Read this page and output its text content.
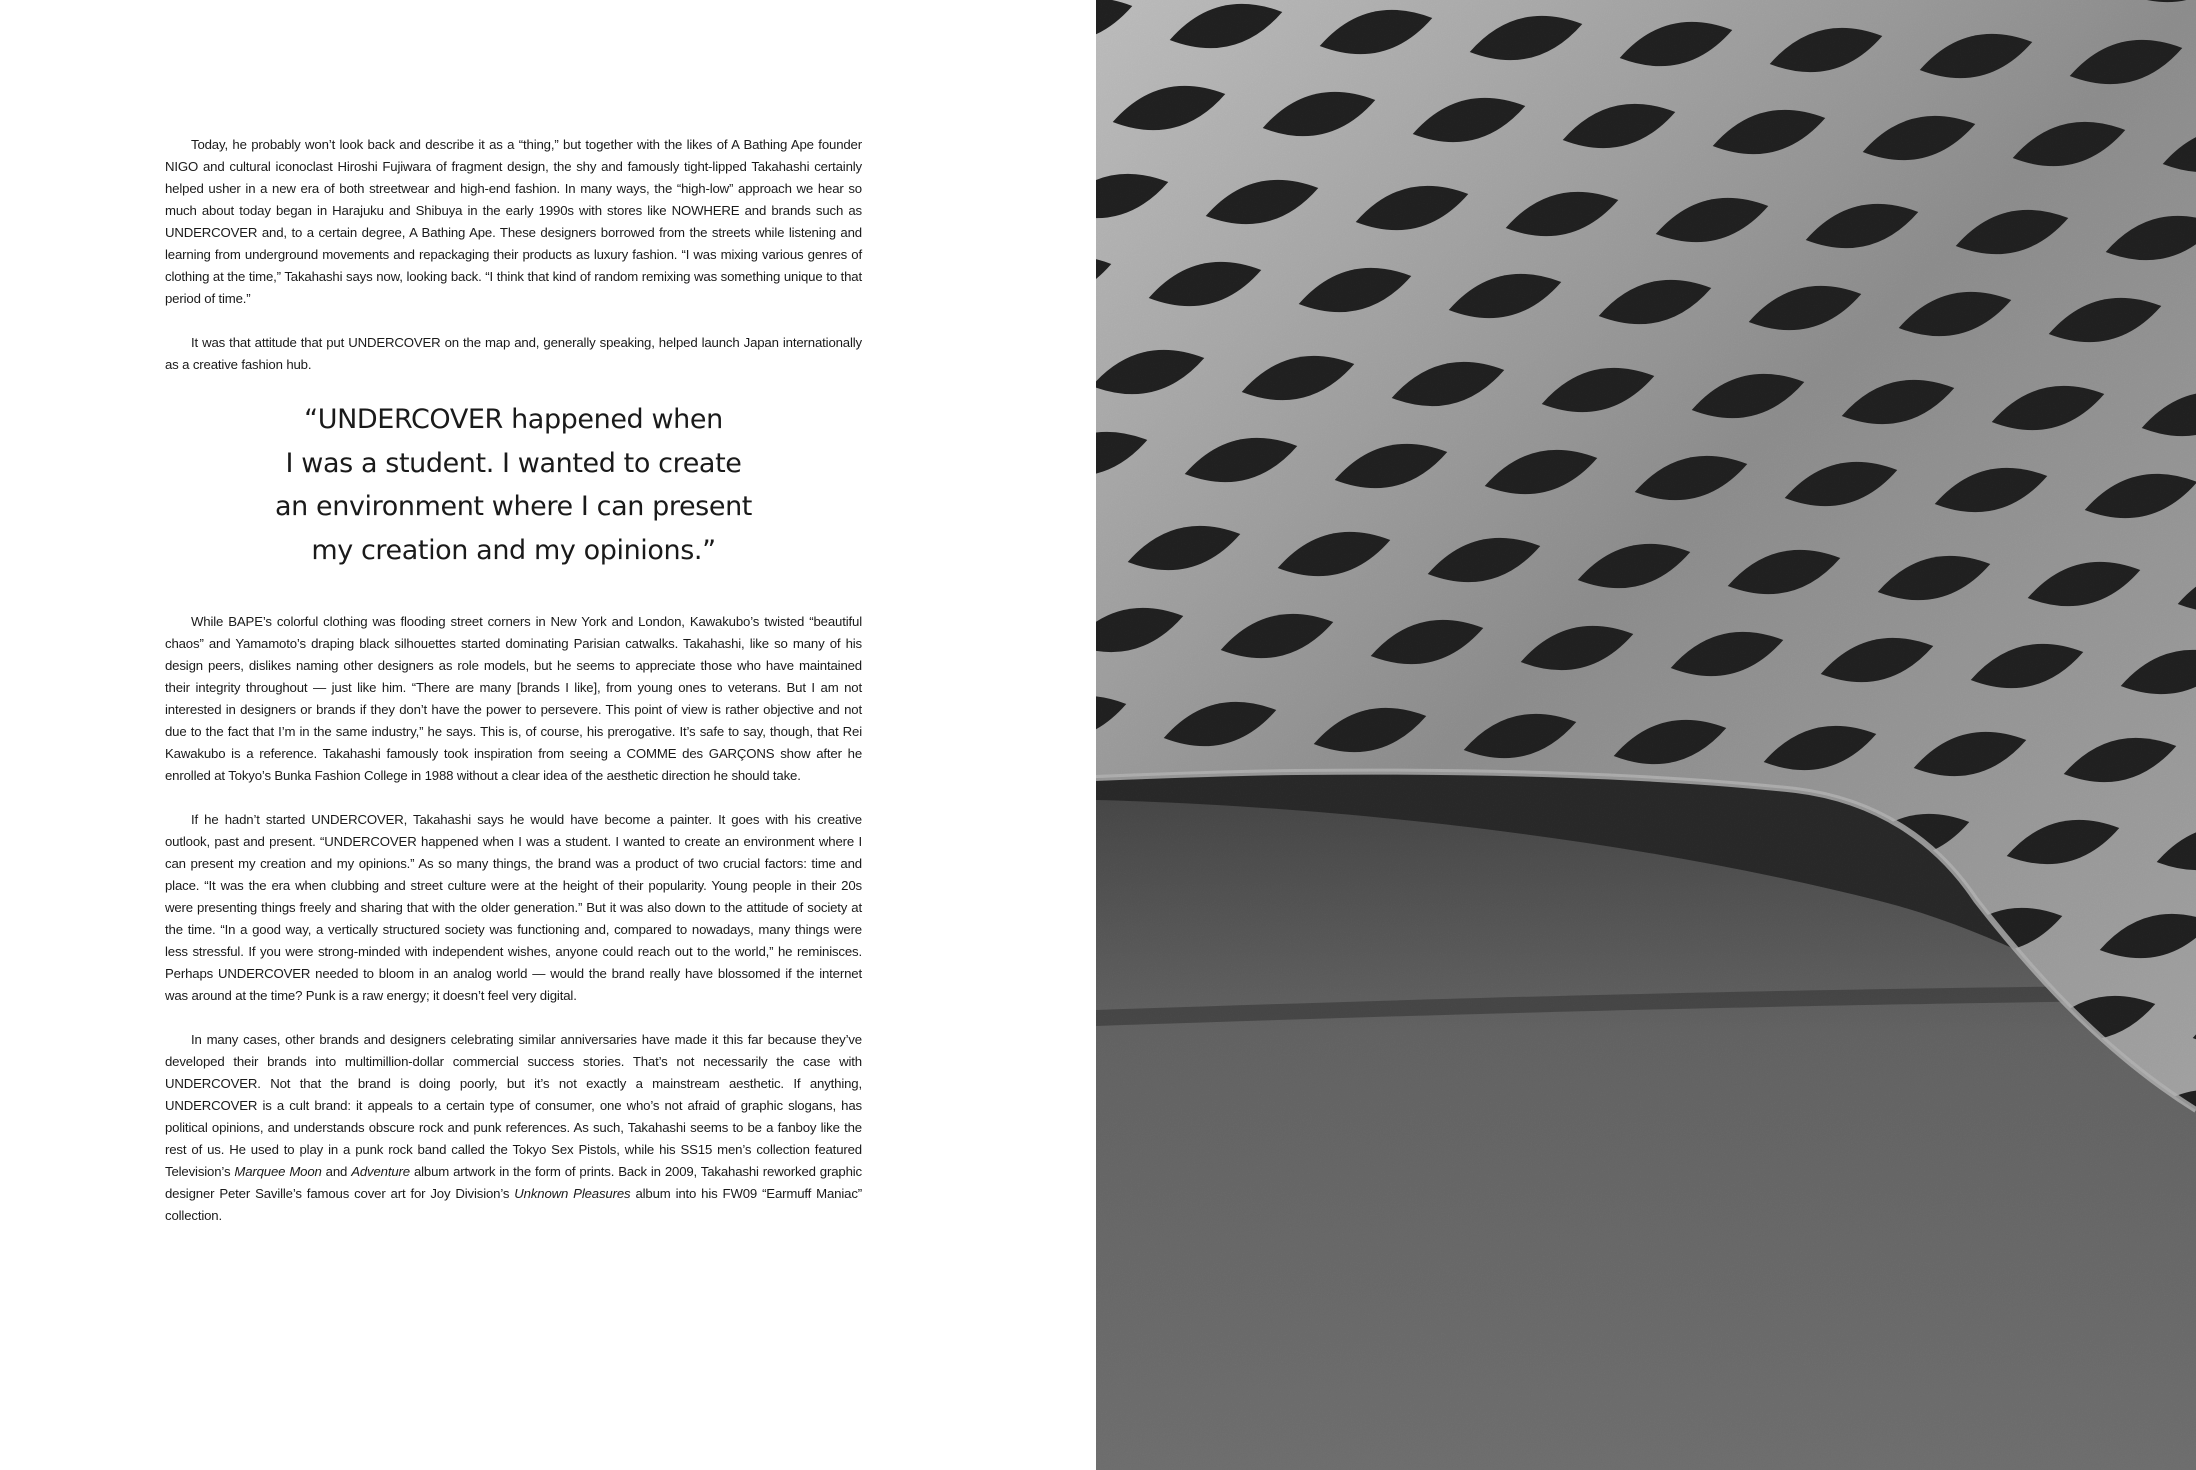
Today, he probably won’t look back and describe it as a “thing,” but together with the likes of A Bathing Ape founder NIGO and cultural iconoclast Hiroshi Fujiwara of fragment design, the shy and famously tight-lipped Takahashi certainly helped usher in a new era of both streetwear and high-end fashion. In many ways, the “high-low” approach we hear so much about today began in Harajuku and Shibuya in the early 1990s with stores like NOWHERE and brands such as UNDERCOVER and, to a certain degree, A Bathing Ape. These designers borrowed from the streets while listening and learning from underground movements and repackaging their products as luxury fashion. “I was mixing various genres of clothing at the time,” Takahashi says now, looking back. “I think that kind of random remixing was something unique to that period of time.”

It was that attitude that put UNDERCOVER on the map and, generally speaking, helped launch Japan internationally as a creative fashion hub.

“UNDERCOVER happened when
I was a student. I wanted to create
an environment where I can present
my creation and my opinions.”

While BAPE’s colorful clothing was flooding street corners in New York and London, Kawakubo’s twisted “beautiful chaos” and Yamamoto’s draping black silhouettes started dominating Parisian catwalks. Takahashi, like so many of his design peers, dislikes naming other designers as role models, but he seems to appreciate those who have maintained their integrity throughout — just like him. “There are many [brands I like], from young ones to veterans. But I am not interested in designers or brands if they don’t have the power to persevere. This point of view is rather objective and not due to the fact that I’m in the same industry,” he says. This is, of course, his prerogative. It’s safe to say, though, that Rei Kawakubo is a reference. Takahashi famously took inspiration from seeing a COMME des GARÇONS show after he enrolled at Tokyo’s Bunka Fashion College in 1988 without a clear idea of the aesthetic direction he should take.

If he hadn’t started UNDERCOVER, Takahashi says he would have become a painter. It goes with his creative outlook, past and present. “UNDERCOVER happened when I was a student. I wanted to create an environment where I can present my creation and my opinions.” As so many things, the brand was a product of two crucial factors: time and place. “It was the era when clubbing and street culture were at the height of their popularity. Young people in their 20s were presenting things freely and sharing that with the older generation.” But it was also down to the attitude of society at the time. “In a good way, a vertically structured society was functioning and, compared to nowadays, many things were less stressful. If you were strong-minded with independent wishes, anyone could reach out to the world,” he reminisces. Perhaps UNDERCOVER needed to bloom in an analog world — would the brand really have blossomed if the internet was around at the time? Punk is a raw energy; it doesn’t feel very digital.

In many cases, other brands and designers celebrating similar anniversaries have made it this far because they’ve developed their brands into multimillion-dollar commercial success stories. That’s not necessarily the case with UNDERCOVER. Not that the brand is doing poorly, but it’s not exactly a mainstream aesthetic. If anything, UNDERCOVER is a cult brand: it appeals to a certain type of consumer, one who’s not afraid of graphic slogans, has political opinions, and understands obscure rock and punk references. As such, Takahashi seems to be a fanboy like the rest of us. He used to play in a punk rock band called the Tokyo Sex Pistols, while his SS15 men’s collection featured Television’s Marquee Moon and Adventure album artwork in the form of prints. Back in 2009, Takahashi reworked graphic designer Peter Saville’s famous cover art for Joy Division’s Unknown Pleasures album into his FW09 “Earmuff Maniac” collection.
